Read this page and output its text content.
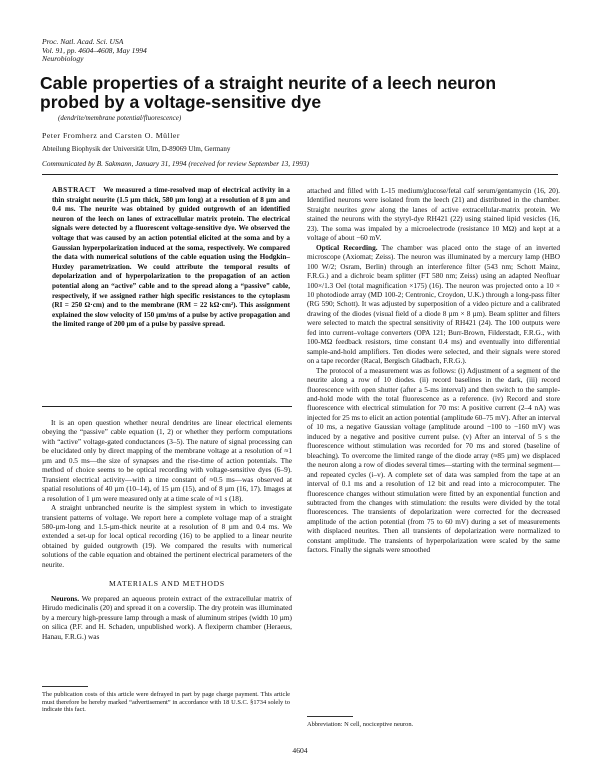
Proc. Natl. Acad. Sci. USA
Vol. 91, pp. 4604–4608, May 1994
Neurobiology
Cable properties of a straight neurite of a leech neuron probed by a voltage-sensitive dye
(dendrite/membrane potential/fluorescence)
Peter Fromherz and Carsten O. Müller
Abteilung Biophysik der Universität Ulm, D-89069 Ulm, Germany
Communicated by B. Sakmann, January 31, 1994 (received for review September 13, 1993)

ABSTRACT We measured a time-resolved map of electrical activity in a thin straight neurite (1.5 µm thick, 580 µm long) at a resolution of 8 µm and 0.4 ms. The neurite was obtained by guided outgrowth of an identified neuron of the leech on lanes of extracellular matrix protein. The electrical signals were detected by a fluorescent voltage-sensitive dye. We observed the voltage that was caused by an action potential elicited at the soma and by a Gaussian hyperpolarization induced at the soma, respectively. We compared the data with numerical solutions of the cable equation using the Hodgkin–Huxley parametrization. We could attribute the temporal results of depolarization and of hyperpolarization to the propagation of an action potential along an “active” cable and to the spread along a “passive” cable, respectively, if we assigned rather high specific resistances to the cytoplasm (RI = 250 Ω·cm) and to the membrane (RM = 22 kΩ·cm²). This assignment explained the slow velocity of 150 µm/ms of a pulse by active propagation and the limited range of 200 µm of a pulse by passive spread.

It is an open question whether neural dendrites are linear electrical elements obeying the “passive” cable equation (1, 2) or whether they perform computations with “active” voltage-gated conductances (3–5). The nature of signal processing can be elucidated only by direct mapping of the membrane voltage at a resolution of ≈1 µm and 0.5 ms—the size of synapses and the rise-time of action potentials. The method of choice seems to be optical recording with voltage-sensitive dyes (6–9). Transient electrical activity—with a time constant of ≈0.5 ms—was observed at spatial resolutions of 40 µm (10–14), of 15 µm (15), and of 8 µm (16, 17). Images at a resolution of 1 µm were measured only at a time scale of ≈1 s (18).

A straight unbranched neurite is the simplest system in which to investigate transient patterns of voltage. We report here a complete voltage map of a straight 580-µm-long and 1.5-µm-thick neurite at a resolution of 8 µm and 0.4 ms. We extended a set-up for local optical recording (16) to be applied to a linear neurite obtained by guided outgrowth (19). We compared the results with numerical solutions of the cable equation and obtained the pertinent electrical parameters of the neurite.

MATERIALS AND METHODS

Neurons. We prepared an aqueous protein extract of the extracellular matrix of Hirudo medicinalis (20) and spread it on a coverslip. The dry protein was illuminated by a mercury high-pressure lamp through a mask of aluminum stripes (width 10 µm) on silica (P.F. and H. Schaden, unpublished work). A flexiperm chamber (Heraeus, Hanau, F.R.G.) was

The publication costs of this article were defrayed in part by page charge payment. This article must therefore be hereby marked “advertisement” in accordance with 18 U.S.C. §1734 solely to indicate this fact.

attached and filled with L-15 medium/glucose/fetal calf serum/gentamycin (16, 20). Identified neurons were isolated from the leech (21) and distributed in the chamber. Straight neurites grew along the lanes of active extracellular-matrix protein. We stained the neurons with the styryl-dye RH421 (22) using stained lipid vesicles (16, 23). The soma was impaled by a microelectrode (resistance 10 MΩ) and kept at a voltage of about −60 mV.

Optical Recording. The chamber was placed onto the stage of an inverted microscope (Axiomat; Zeiss). The neuron was illuminated by a mercury lamp (HBO 100 W/2; Osram, Berlin) through an interference filter (543 nm; Schott Mainz, F.R.G.) and a dichroic beam splitter (FT 580 nm; Zeiss) using an adapted Neofluar 100×/1.3 Oel (total magnification ×175) (16). The neuron was projected onto a 10 × 10 photodiode array (MD 100-2; Centronic, Croydon, U.K.) through a long-pass filter (RG 590; Schott). It was adjusted by superposition of a video picture and a calibrated drawing of the diodes (visual field of a diode 8 µm × 8 µm). Beam splitter and filters were selected to match the spectral sensitivity of RH421 (24). The 100 outputs were fed into current–voltage converters (OPA 121; Burr-Brown, Filderstadt, F.R.G., with 100-MΩ feedback resistors, time constant 0.4 ms) and eventually into differential sample-and-hold amplifiers. Ten diodes were selected, and their signals were stored on a tape recorder (Racal, Bergisch Gladbach, F.R.G.).

The protocol of a measurement was as follows: (i) Adjustment of a segment of the neurite along a row of 10 diodes. (ii) record baselines in the dark, (iii) record fluorescence with open shutter (after a 5-ms interval) and then switch to the sample-and-hold mode with the total fluorescence as a reference. (iv) Record and store fluorescence with electrical stimulation for 70 ms: A positive current (2–4 nA) was injected for 25 ms to elicit an action potential (amplitude 60–75 mV). After an interval of 10 ms, a negative Gaussian voltage (amplitude around −100 to −160 mV) was induced by a negative and positive current pulse. (v) After an interval of 5 s the fluorescence without stimulation was recorded for 70 ms and stored (baseline of bleaching). To overcome the limited range of the diode array (≈85 µm) we displaced the neuron along a row of diodes several times—starting with the terminal segment—and repeated cycles (i–v). A complete set of data was sampled from the tape at an interval of 0.1 ms and a resolution of 12 bit and read into a microcomputer. The fluorescence changes without stimulation were fitted by an exponential function and subtracted from the changes with stimulation: the results were divided by the total fluorescences. The transients of depolarization were corrected for the decreased amplitude of the action potential (from 75 to 60 mV) during a set of measurements with displaced neurites. Then all transients of depolarization were normalized to constant amplitude. The transients of hyperpolarization were scaled by the same factors. Finally the signals were smoothed

Abbreviation: N cell, nociceptive neuron.
4604
